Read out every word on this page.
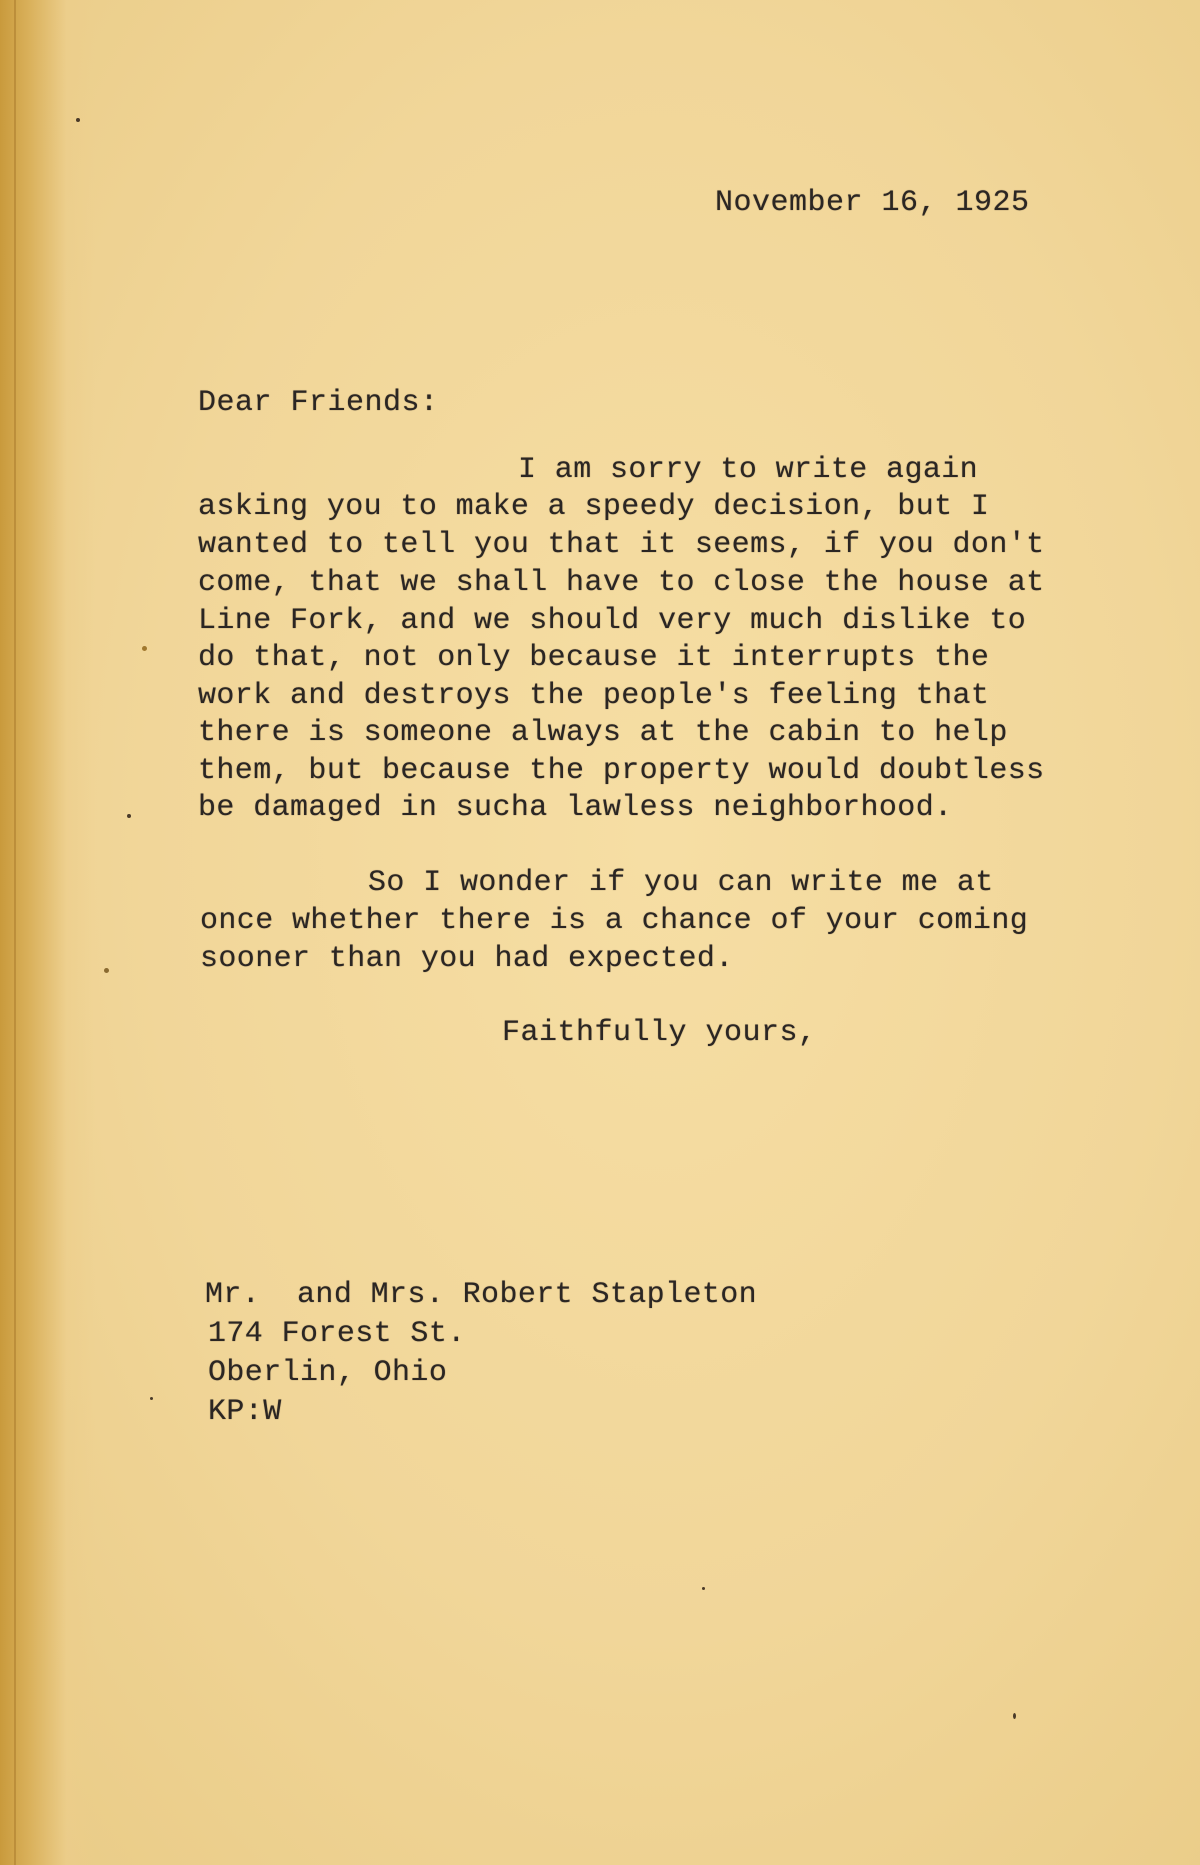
November 16, 1925
Dear Friends:
I am sorry to write again
asking you to make a speedy decision, but I
wanted to tell you that it seems, if you don't
come, that we shall have to close the house at
Line Fork, and we should very much dislike to
do that, not only because it interrupts the
work and destroys the people's feeling that
there is someone always at the cabin to help
them, but because the property would doubtless
be damaged in sucha lawless neighborhood.
So I wonder if you can write me at
once whether there is a chance of your coming
sooner than you had expected.
Faithfully yours,
Mr.  and Mrs. Robert Stapleton
174 Forest St.
Oberlin, Ohio
KP:W
